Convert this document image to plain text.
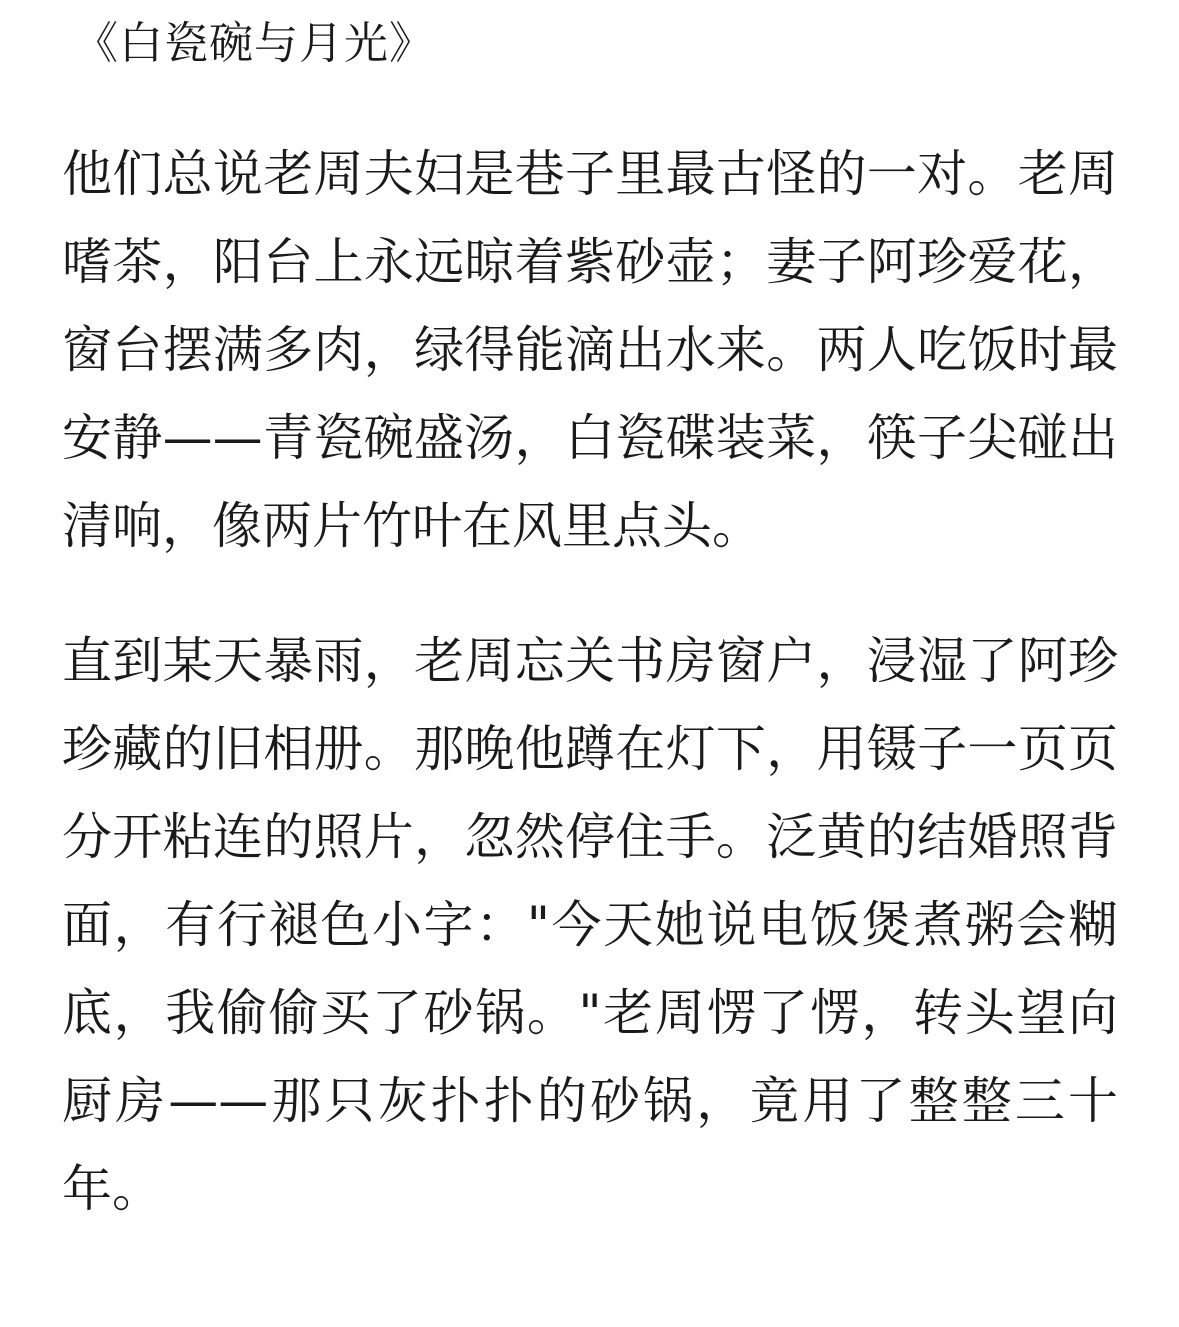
《白瓷碗与月光》

他们总说老周夫妇是巷子里最古怪的一对。老周嗜茶，阳台上永远晾着紫砂壶；妻子阿珍爱花，窗台摆满多肉，绿得能滴出水来。两人吃饭时最安静——青瓷碗盛汤，白瓷碟装菜，筷子尖碰出清响，像两片竹叶在风里点头。

直到某天暴雨，老周忘关书房窗户，浸湿了阿珍珍藏的旧相册。那晚他蹲在灯下，用镊子一页页分开粘连的照片，忽然停住手。泛黄的结婚照背面，有行褪色小字："今天她说电饭煲煮粥会糊底，我偷偷买了砂锅。"老周愣了愣，转头望向厨房——那只灰扑扑的砂锅，竟用了整整三十年。
